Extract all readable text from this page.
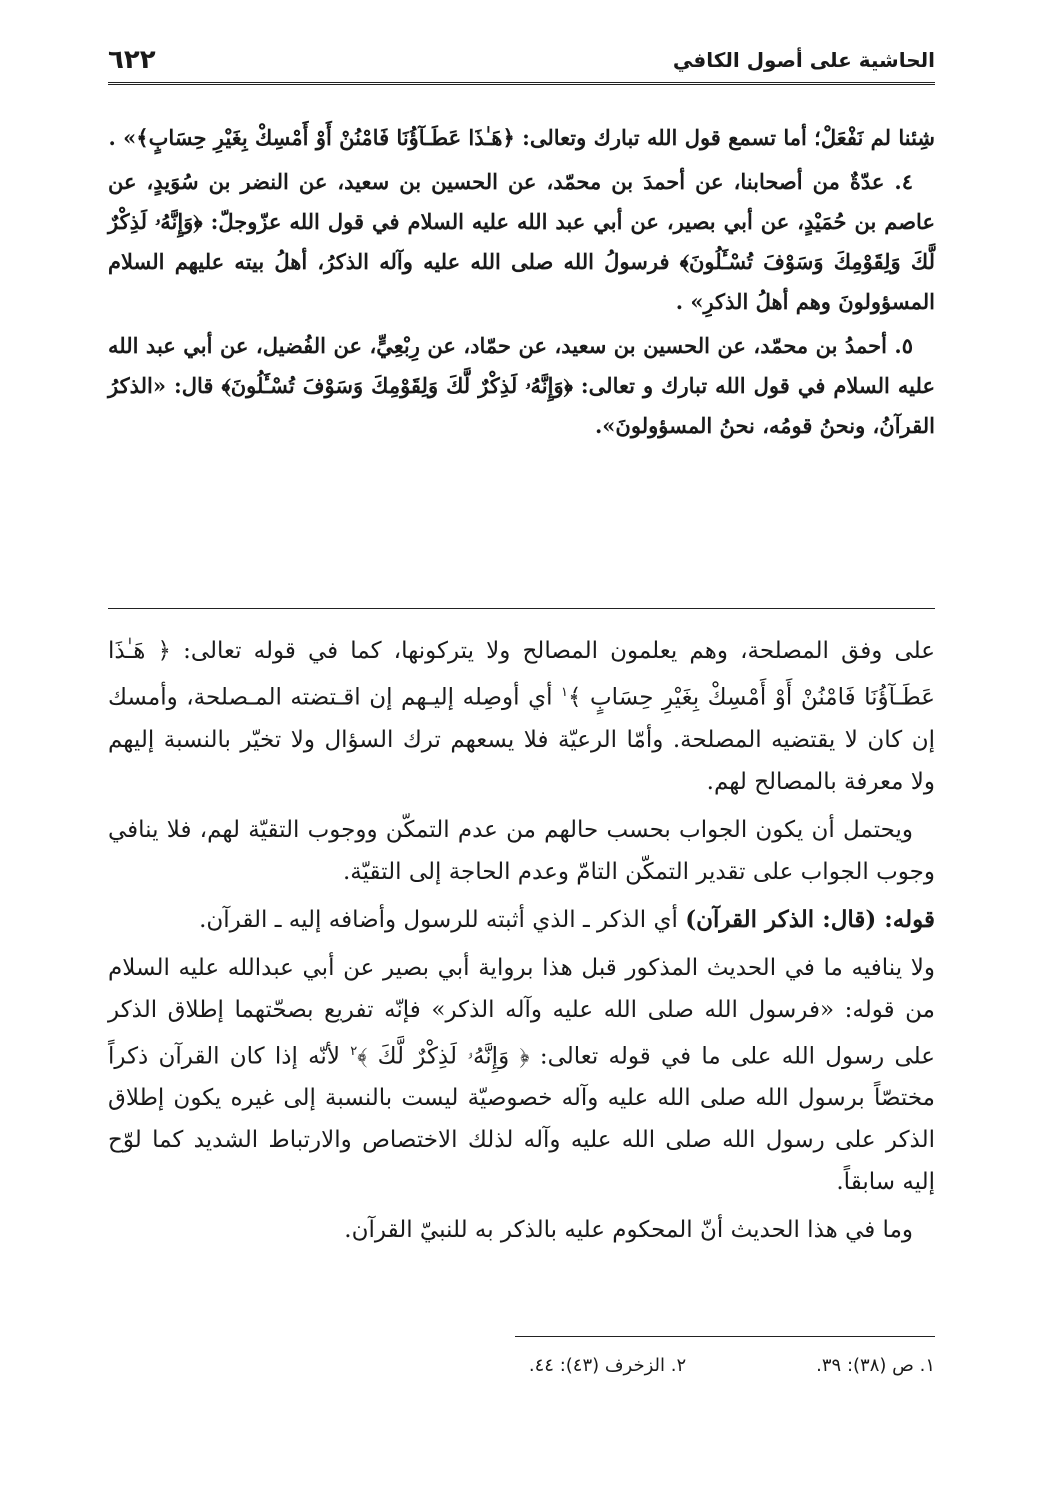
الحاشية على أصول الكافي
٦٢٢

شِئنا لم نَفْعَلْ؛ أما تسمع قول الله تبارك وتعالى: ﴿هَـٰذَا عَطَـآؤُنَا فَامْنُنْ أَوْ أَمْسِكْ بِغَيْرِ حِسَابٍ﴾» .

٤. عدّةٌ من أصحابنا، عن أحمدَ بن محمّد، عن الحسين بن سعيد، عن النضر بن سُوَيدٍ، عن عاصم بن حُمَيْدٍ، عن أبي بصير، عن أبي عبد الله عليه السلام في قول الله عزّوجلّ: ﴿وَإِنَّهُۥ لَذِكْرٌ لَّكَ وَلِقَوْمِكَ وَسَوْفَ تُسْـَٔلُونَ﴾ فرسولُ الله صلى الله عليه وآله الذكرُ، أهلُ بيته عليهم السلام المسؤولونَ وهم أهلُ الذكرِ» .

٥. أحمدُ بن محمّد، عن الحسين بن سعيد، عن حمّاد، عن رِبْعِيٍّ، عن الفُضيل، عن أبي عبد الله عليه السلام في قول الله تبارك و تعالى: ﴿وَإِنَّهُۥ لَذِكْرٌ لَّكَ وَلِقَوْمِكَ وَسَوْفَ تُسْـَٔلُونَ﴾ قال: «الذكرُ القرآنُ، ونحنُ قومُه، نحنُ المسؤولونَ».

على وفق المصلحة، وهم يعلمون المصالح ولا يتركونها، كما في قوله تعالى: ﴿ هَـٰذَا عَطَـآؤُنَا فَامْنُنْ أَوْ أَمْسِكْ بِغَيْرِ حِسَابٍ ﴾$^١$ أي أوصِله إليـهم إن اقـتضته المـصلحة، وأمسك إن كان لا يقتضيه المصلحة. وأمّا الرعيّة فلا يسعهم ترك السؤال ولا تخيّر بالنسبة إليهم ولا معرفة بالمصالح لهم.

ويحتمل أن يكون الجواب بحسب حالهم من عدم التمكّن ووجوب التقيّة لهم، فلا ينافي وجوب الجواب على تقدير التمكّن التامّ وعدم الحاجة إلى التقيّة.

قوله: (قال: الذكر القرآن) أي الذكر ـ الذي أثبته للرسول وأضافه إليه ـ القرآن.

ولا ينافيه ما في الحديث المذكور قبل هذا برواية أبي بصير عن أبي عبدالله عليه السلام من قوله: «فرسول الله صلى الله عليه وآله الذكر» فإنّه تفريع بصحّتهما إطلاق الذكر على رسول الله على ما في قوله تعالى: ﴿ وَإِنَّهُۥ لَذِكْرٌ لَّكَ ﴾$^٢$ لأنّه إذا كان القرآن ذكراً مختصّاً برسول الله صلى الله عليه وآله خصوصيّة ليست بالنسبة إلى غيره يكون إطلاق الذكر على رسول الله صلى الله عليه وآله لذلك الاختصاص والارتباط الشديد كما لوّح إليه سابقاً.

وما في هذا الحديث أنّ المحكوم عليه بالذكر به للنبيّ القرآن.

١. ص (٣٨): ٣٩.
٢. الزخرف (٤٣): ٤٤.
